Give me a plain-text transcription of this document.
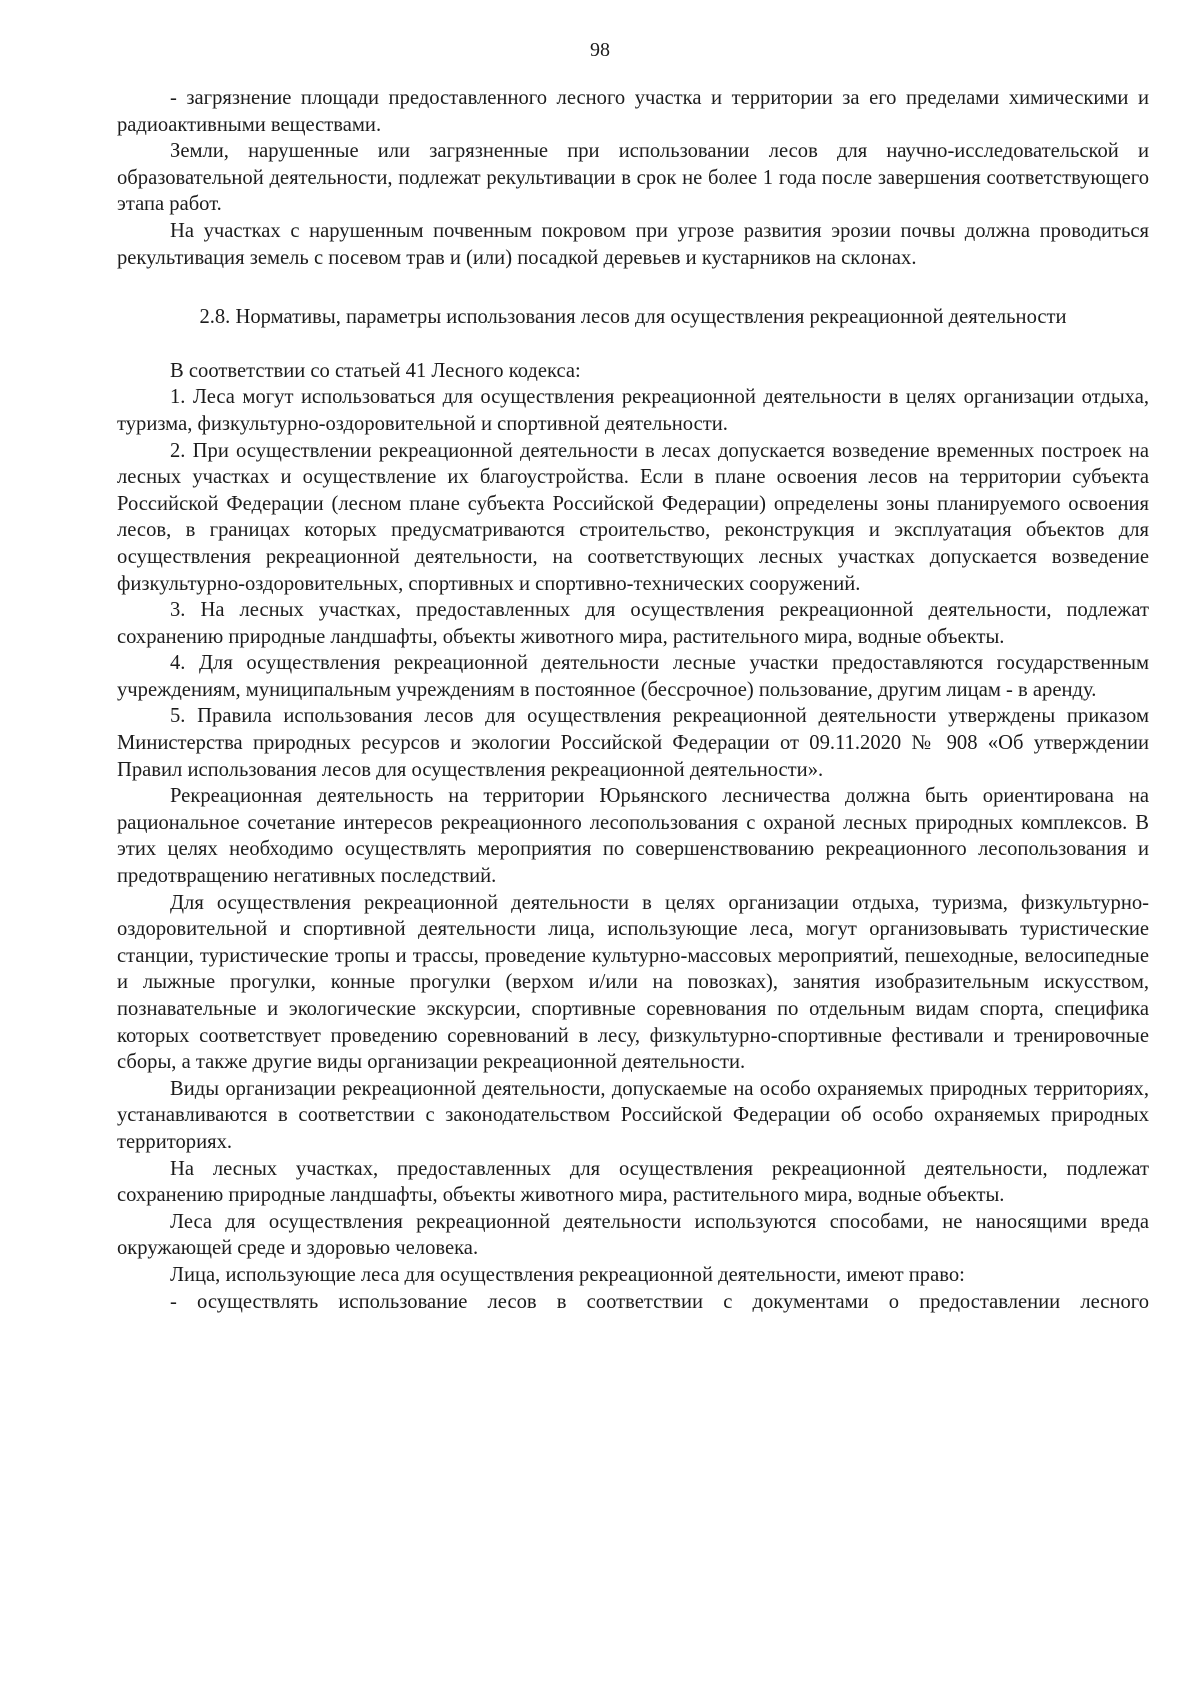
98

- загрязнение площади предоставленного лесного участка и территории за его пределами химическими и радиоактивными веществами.

Земли, нарушенные или загрязненные при использовании лесов для научно-исследовательской и образовательной деятельности, подлежат рекультивации в срок не более 1 года после завершения соответствующего этапа работ.

На участках с нарушенным почвенным покровом при угрозе развития эрозии почвы должна проводиться рекультивация земель с посевом трав и (или) посадкой деревьев и кустарников на склонах.

2.8. Нормативы, параметры использования лесов для осуществления рекреационной деятельности

В соответствии со статьей 41 Лесного кодекса:

1. Леса могут использоваться для осуществления рекреационной деятельности в целях организации отдыха, туризма, физкультурно-оздоровительной и спортивной деятельности.

2. При осуществлении рекреационной деятельности в лесах допускается возведение временных построек на лесных участках и осуществление их благоустройства. Если в плане освоения лесов на территории субъекта Российской Федерации (лесном плане субъекта Российской Федерации) определены зоны планируемого освоения лесов, в границах которых предусматриваются строительство, реконструкция и эксплуатация объектов для осуществления рекреационной деятельности, на соответствующих лесных участках допускается возведение физкультурно-оздоровительных, спортивных и спортивно-технических сооружений.

3. На лесных участках, предоставленных для осуществления рекреационной деятельности, подлежат сохранению природные ландшафты, объекты животного мира, растительного мира, водные объекты.

4. Для осуществления рекреационной деятельности лесные участки предоставляются государственным учреждениям, муниципальным учреждениям в постоянное (бессрочное) пользование, другим лицам - в аренду.

5. Правила использования лесов для осуществления рекреационной деятельности утверждены приказом Министерства природных ресурсов и экологии Российской Федерации от 09.11.2020 № 908 «Об утверждении Правил использования лесов для осуществления рекреационной деятельности».

Рекреационная деятельность на территории Юрьянского лесничества должна быть ориентирована на рациональное сочетание интересов рекреационного лесопользования с охраной лесных природных комплексов. В этих целях необходимо осуществлять мероприятия по совершенствованию рекреационного лесопользования и предотвращению негативных последствий.

Для осуществления рекреационной деятельности в целях организации отдыха, туризма, физкультурно-оздоровительной и спортивной деятельности лица, использующие леса, могут организовывать туристические станции, туристические тропы и трассы, проведение культурно-массовых мероприятий, пешеходные, велосипедные и лыжные прогулки, конные прогулки (верхом и/или на повозках), занятия изобразительным искусством, познавательные и экологические экскурсии, спортивные соревнования по отдельным видам спорта, специфика которых соответствует проведению соревнований в лесу, физкультурно-спортивные фестивали и тренировочные сборы, а также другие виды организации рекреационной деятельности.

Виды организации рекреационной деятельности, допускаемые на особо охраняемых природных территориях, устанавливаются в соответствии с законодательством Российской Федерации об особо охраняемых природных территориях.

На лесных участках, предоставленных для осуществления рекреационной деятельности, подлежат сохранению природные ландшафты, объекты животного мира, растительного мира, водные объекты.

Леса для осуществления рекреационной деятельности используются способами, не наносящими вреда окружающей среде и здоровью человека.

Лица, использующие леса для осуществления рекреационной деятельности, имеют право:

- осуществлять использование лесов в соответствии с документами о предоставлении лесного
